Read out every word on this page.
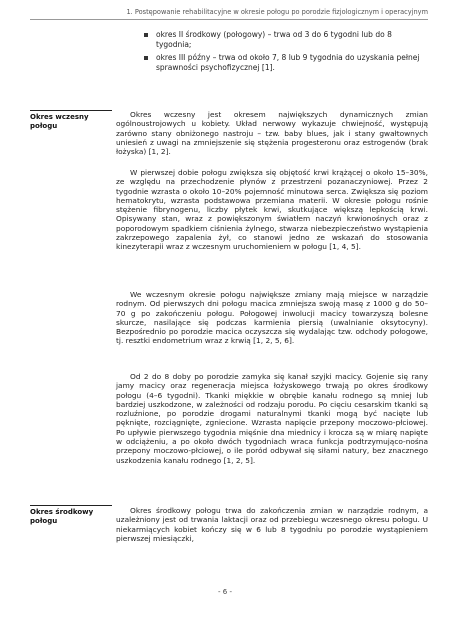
1. Postępowanie rehabilitacyjne w okresie połogu po porodzie fizjologicznym i operacyjnym
okres II środkowy (połogowy) – trwa od 3 do 6 tygodni lub do 8 tygodnia;
okres III późny – trwa od około 7, 8 lub 9 tygodnia do uzyskania pełnej sprawności psychofizycznej [1].
Okres wczesny połogu

Okres wczesny jest okresem największych dynamicznych zmian ogólnoustrojowych u kobiety. Układ nerwowy wykazuje chwiejność, występują zarówno stany obniżonego nastroju – tzw. baby blues, jak i stany gwałtownych uniesień z uwagi na zmniejszenie się stężenia progesteronu oraz estrogenów (brak łożyska) [1, 2].

W pierwszej dobie połogu zwiększa się objętość krwi krążącej o około 15–30%, ze względu na przechodzenie płynów z przestrzeni pozanaczyniowej. Przez 2 tygodnie wzrasta o około 10–20% pojemność minutowa serca. Zwiększa się poziom hematokrytu, wzrasta podstawowa przemiana materii. W okresie połogu rośnie stężenie fibrynogenu, liczby płytek krwi, skutkujące większą lepkością krwi. Opisywany stan, wraz z powiększonym światłem naczyń krwionośnych oraz z poporodowym spadkiem ciśnienia żylnego, stwarza niebezpieczeństwo wystąpienia zakrzepowego zapalenia żył, co stanowi jedno ze wskazań do stosowania kinezyterapii wraz z wczesnym uruchomieniem w połogu [1, 4, 5].

We wczesnym okresie połogu największe zmiany mają miejsce w narządzie rodnym. Od pierwszych dni połogu macica zmniejsza swoją masę z 1000 g do 50–70 g po zakończeniu połogu. Połogowej inwolucji macicy towarzyszą bolesne skurcze, nasilające się podczas karmienia piersią (uwalnianie oksytocyny). Bezpośrednio po porodzie macica oczyszcza się wydalając tzw. odchody połogowe, tj. resztki endometrium wraz z krwią [1, 2, 5, 6].

Od 2 do 8 doby po porodzie zamyka się kanał szyjki macicy. Gojenie się rany jamy macicy oraz regeneracja miejsca łożyskowego trwają po okres środkowy połogu (4–6 tygodni). Tkanki miękkie w obrębie kanału rodnego są mniej lub bardziej uszkodzone, w zależności od rodzaju porodu. Po cięciu cesarskim tkanki są rozluźnione, po porodzie drogami naturalnymi tkanki mogą być nacięte lub pęknięte, rozciągnięte, zgniecione. Wzrasta napięcie przepony moczowo-płciowej. Po upływie pierwszego tygodnia mięśnie dna miednicy i krocza są w miarę napięte w odciążeniu, a po około dwóch tygodniach wraca funkcja podtrzymująco-nośna przepony moczowo-płciowej, o ile poród odbywał się siłami natury, bez znacznego uszkodzenia kanału rodnego [1, 2, 5].

Okres środkowy połogu

Okres środkowy połogu trwa do zakończenia zmian w narządzie rodnym, a uzależniony jest od trwania laktacji oraz od przebiegu wczesnego okresu połogu. U niekarmiących kobiet kończy się w 6 lub 8 tygodniu po porodzie wystąpieniem pierwszej miesiączki,

- 6 -
